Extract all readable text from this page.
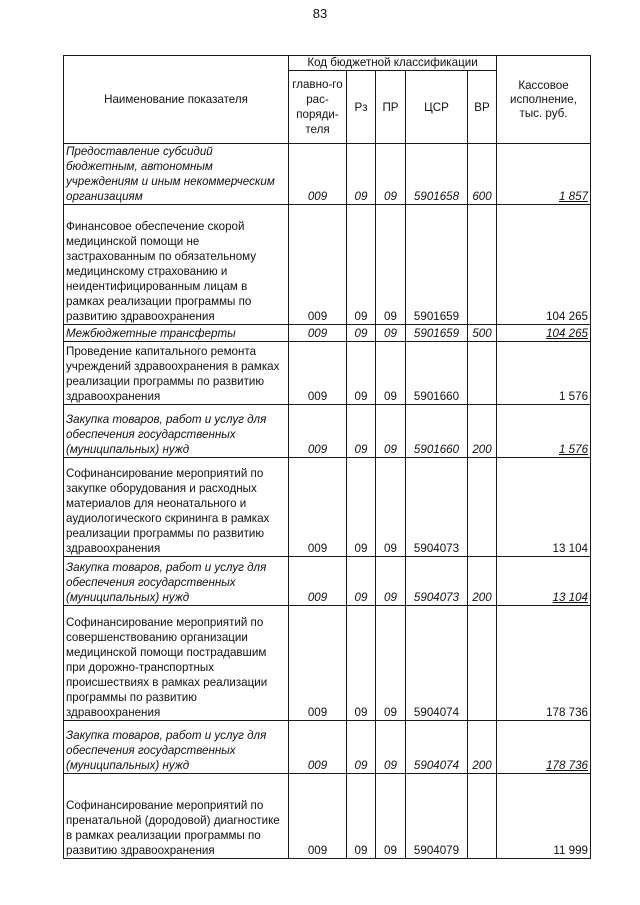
83
Наименование показателя	Код бюджетной классификации					Кассовое исполнение, тыс. руб.
	главно-го рас-поряди-теля	Рз	ПР	ЦСР	ВР	
Предоставление субсидий бюджетным, автономным учреждениям и иным некоммерческим организациям	009	09	09	5901658	600	1 857
Финансовое обеспечение скорой медицинской помощи не застрахованным по обязательному медицинскому страхованию и неидентифицированным лицам в рамках реализации программы по развитию здравоохранения	009	09	09	5901659		104 265
Межбюджетные трансферты	009	09	09	5901659	500	104 265
Проведение капитального ремонта учреждений здравоохранения в рамках реализации программы по развитию здравоохранения	009	09	09	5901660		1 576
Закупка товаров, работ и услуг для обеспечения государственных (муниципальных) нужд	009	09	09	5901660	200	1 576
Софинансирование мероприятий по закупке оборудования и расходных материалов для неонатального и аудиологического скрининга в рамках реализации программы по развитию здравоохранения	009	09	09	5904073		13 104
Закупка товаров, работ и услуг для обеспечения государственных (муниципальных) нужд	009	09	09	5904073	200	13 104
Софинансирование мероприятий по совершенствованию организации медицинской помощи пострадавшим при дорожно-транспортных происшествиях в рамках реализации программы по развитию здравоохранения	009	09	09	5904074		178 736
Закупка товаров, работ и услуг для обеспечения государственных (муниципальных) нужд	009	09	09	5904074	200	178 736
Софинансирование мероприятий по пренатальной (дородовой) диагностике в рамках реализации программы по развитию здравоохранения	009	09	09	5904079		11 999
